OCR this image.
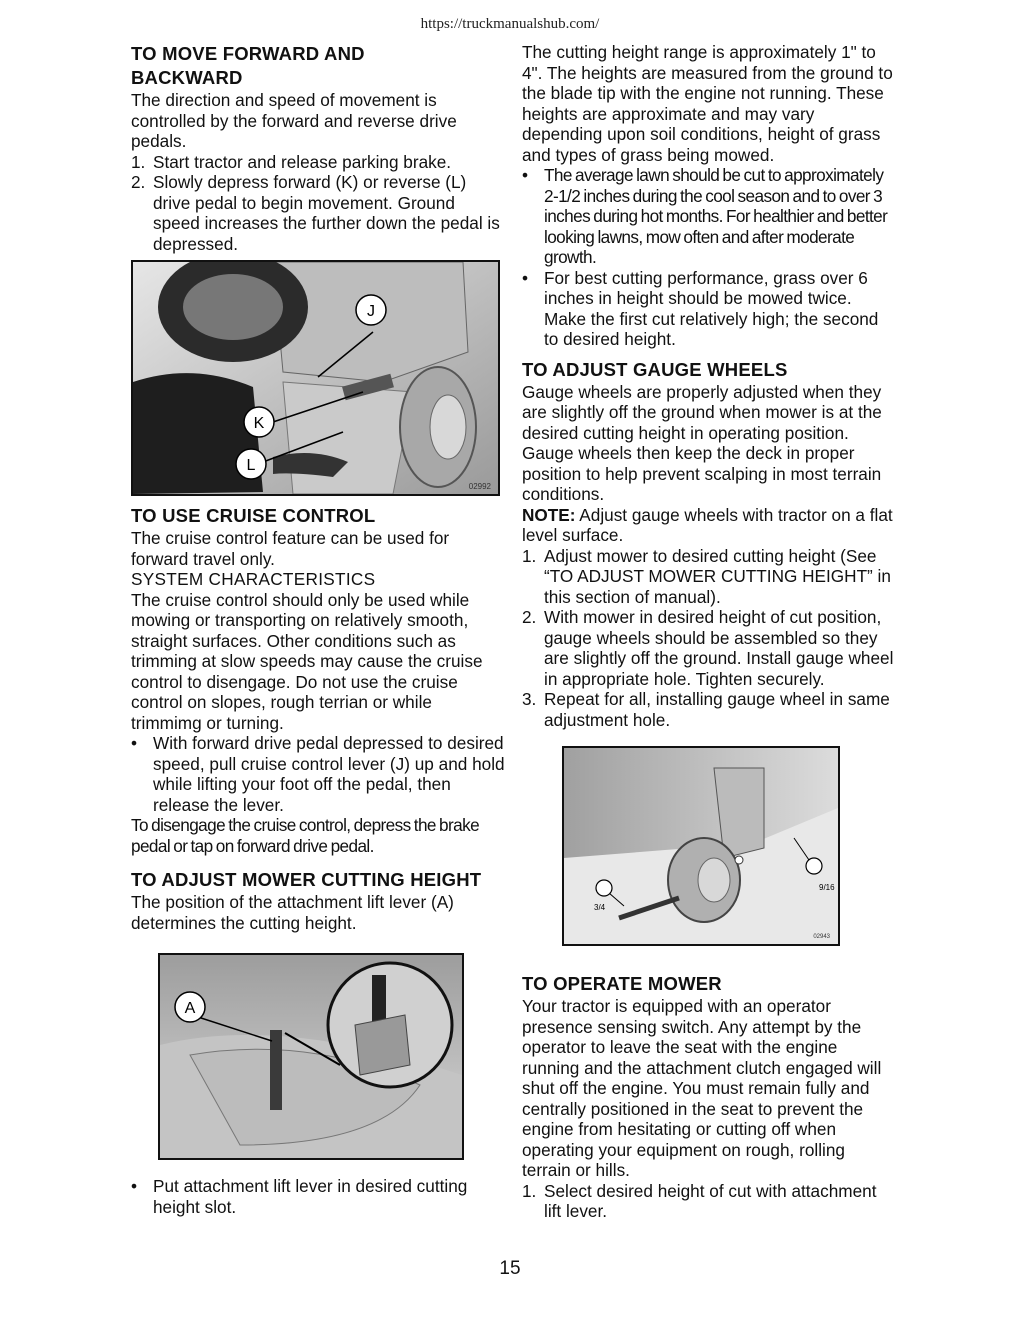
https://truckmanualshub.com/
TO MOVE FORWARD AND
BACKWARD

The direction and speed of movement is controlled by the forward and reverse drive pedals.

1. Start tractor and release parking brake.
2. Slowly depress forward (K) or reverse (L) drive pedal to begin movement. Ground speed increases the further down the pedal is depressed.
J
K
L
02992
TO USE CRUISE CONTROL

The cruise control feature can be used for forward travel only.

SYSTEM CHARACTERISTICS

The cruise control should only be used while mowing or transporting on relatively smooth, straight surfaces. Other conditions such as trimming at slow speeds may cause the cruise control to disengage. Do not use the cruise control on slopes, rough terrian or while trimmimg or turning.

• With forward drive pedal depressed to desired speed, pull cruise control lever (J) up and hold while lifting your foot off the pedal, then release the lever.

To disengage the cruise control, depress the brake pedal or tap on forward drive pedal.

TO ADJUST MOWER CUTTING HEIGHT

The position of the attachment lift lever (A) determines the cutting height.

A
• Put attachment lift lever in desired cutting height slot.

The cutting height range is approximately 1" to 4". The heights are measured from the ground to the blade tip with the engine not running. These heights are approximate and may vary depending upon soil conditions, height of grass and types of grass being mowed.

• The average lawn should be cut to approximately 2-1/2 inches during the cool season and to over 3 inches during hot months. For healthier and better looking lawns, mow often and after moderate growth.
• For best cutting performance, grass over 6 inches in height should be mowed twice. Make the first cut relatively high; the second to desired height.
TO ADJUST GAUGE WHEELS

Gauge wheels are properly adjusted when they are slightly off the ground when mower is at the desired cutting height in operating position. Gauge wheels then keep the deck in proper position to help prevent scalping in most terrain conditions.

NOTE: Adjust gauge wheels with tractor on a flat level surface.

1. Adjust mower to desired cutting height (See “TO ADJUST MOWER CUTTING HEIGHT” in this section of manual).
2. With mower in desired height of cut position, gauge wheels should be assembled so they are slightly off the ground. Install gauge wheel in appropriate hole. Tighten securely.
3. Repeat for all, installing gauge wheel in same adjustment hole.
9/16
3/4
02943
TO OPERATE MOWER

Your tractor is equipped with an operator presence sensing switch. Any attempt by the operator to leave the seat with the engine running and the attachment clutch engaged will shut off the engine. You must remain fully and centrally positioned in the seat to prevent the engine from hesitating or cutting off when operating your equipment on rough, rolling terrain or hills.

1. Select desired height of cut with attachment lift lever.
15
